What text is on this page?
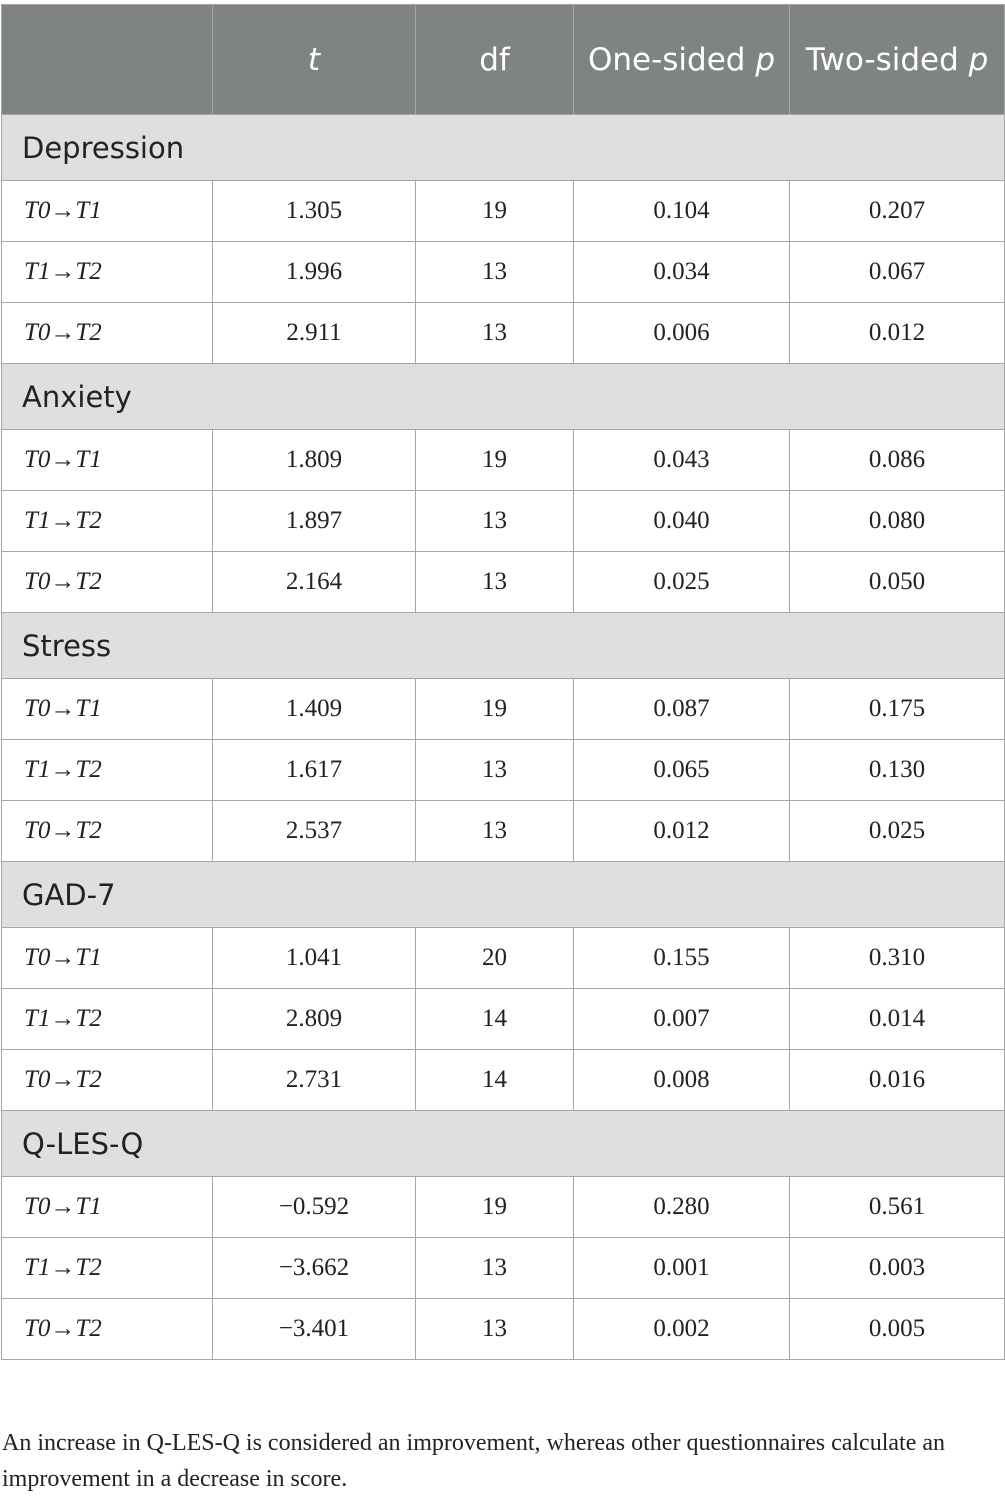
	t	df	One-sided p	Two-sided p
Depression				
T0→T1	1.305	19	0.104	0.207
T1→T2	1.996	13	0.034	0.067
T0→T2	2.911	13	0.006	0.012
Anxiety				
T0→T1	1.809	19	0.043	0.086
T1→T2	1.897	13	0.040	0.080
T0→T2	2.164	13	0.025	0.050
Stress				
T0→T1	1.409	19	0.087	0.175
T1→T2	1.617	13	0.065	0.130
T0→T2	2.537	13	0.012	0.025
GAD-7				
T0→T1	1.041	20	0.155	0.310
T1→T2	2.809	14	0.007	0.014
T0→T2	2.731	14	0.008	0.016
Q-LES-Q				
T0→T1	−0.592	19	0.280	0.561
T1→T2	−3.662	13	0.001	0.003
T0→T2	−3.401	13	0.002	0.005

An increase in Q-LES-Q is considered an improvement, whereas other questionnaires calculate an improvement in a decrease in score.
